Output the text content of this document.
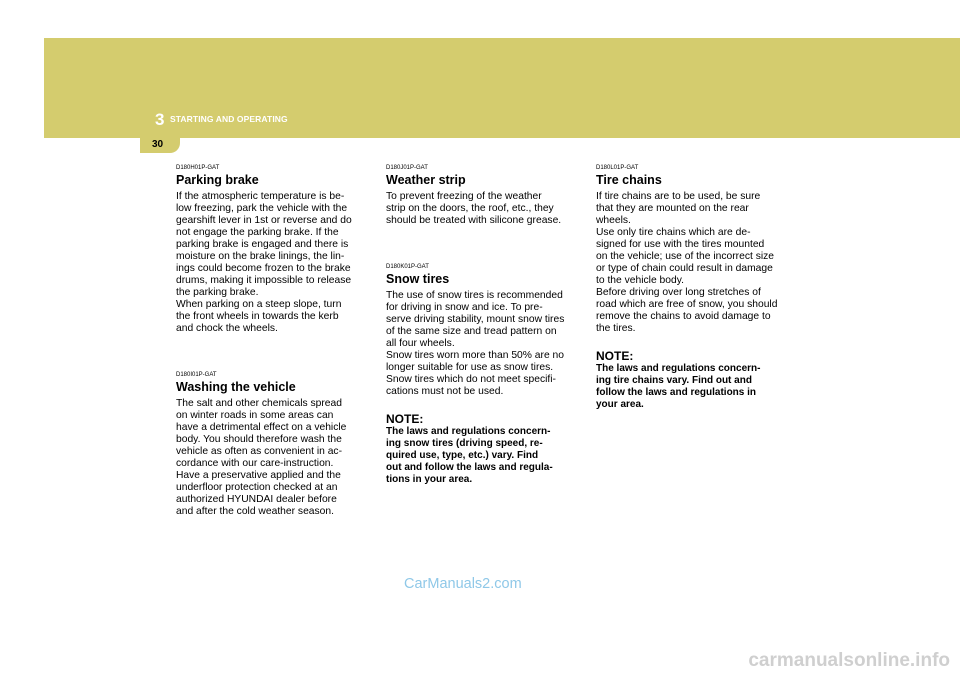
3 STARTING AND OPERATING
30

D180H01P-GAT

Parking brake

If the atmospheric temperature is be-
low freezing, park the vehicle with the
gearshift lever in 1st or reverse and do
not engage the parking brake. If the
parking brake is engaged and there is
moisture on the brake linings, the lin-
ings could become frozen to the brake
drums, making it impossible to release
the parking brake.
When parking on a steep slope, turn
the front wheels in towards the kerb
and chock the wheels.

D180I01P-GAT

Washing the vehicle

The salt and other chemicals spread
on winter roads in some areas can
have a detrimental effect on a vehicle
body. You should therefore wash the
vehicle as often as convenient in ac-
cordance with our care-instruction.
Have a preservative applied and the
underfloor protection checked at an
authorized HYUNDAI dealer before
and after the cold weather season.

D180J01P-GAT

Weather strip

To prevent freezing of the weather
strip on the doors, the roof, etc., they
should be treated with silicone grease.

D180K01P-GAT

Snow tires

The use of snow tires is recommended
for driving in snow and ice. To pre-
serve driving stability, mount snow tires
of the same size and tread pattern on
all four wheels.
Snow tires worn more than 50% are no
longer suitable for use as snow tires.
Snow tires which do not meet specifi-
cations must not be used.

NOTE:

The laws and regulations concern-
ing snow tires (driving speed, re-
quired use, type, etc.) vary. Find
out and follow the laws and regula-
tions in your area.

D180L01P-GAT

Tire chains

If tire chains are to be used, be sure
that they are mounted on the rear
wheels.
Use only tire chains which are de-
signed for use with the tires mounted
on the vehicle; use of the incorrect size
or type of chain could result in damage
to the vehicle body.
Before driving over long stretches of
road which are free of snow, you should
remove the chains to avoid damage to
the tires.

NOTE:

The laws and regulations concern-
ing tire chains vary. Find out and
follow the laws and regulations in
your area.

CarManuals2.com
carmanualsonline.info
